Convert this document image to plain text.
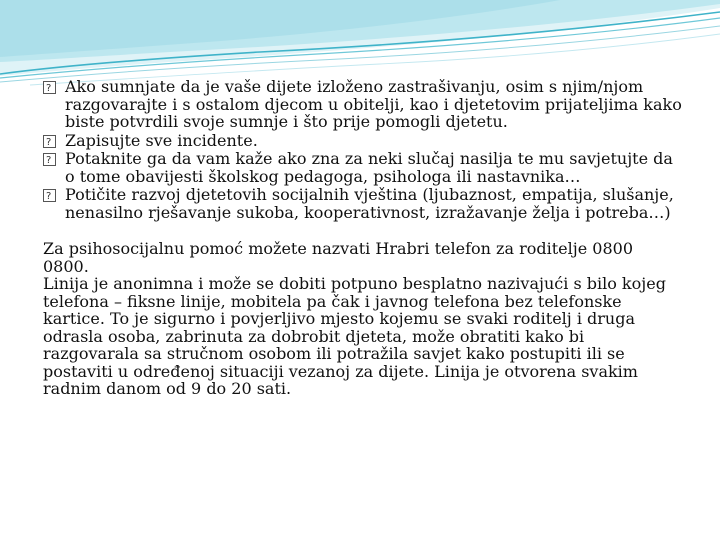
?
Ako sumnjate da je vaše dijete izloženo zastrašivanju, osim s njim/njom razgovarajte i s ostalom djecom u obitelji, kao i djetetovim prijateljima kako biste potvrdili svoje sumnje i što prije pomogli djetetu.
?
Zapisujte sve incidente.
?
Potaknite ga da vam kaže ako zna za neki slučaj nasilja te mu savjetujte da o tome obavijesti školskog pedagoga, psihologa ili nastavnika…
?
Potičite razvoj djetetovih socijalnih vještina (ljubaznost, empatija, slušanje, nenasilno rješavanje sukoba, kooperativnost, izražavanje želja i potreba…)

Za psihosocijalnu pomoć možete nazvati Hrabri telefon za roditelje 0800 0800.

Linija je anonimna i može se dobiti potpuno besplatno nazivajući s bilo kojeg telefona – fiksne linije, mobitela pa čak i javnog telefona bez telefonske kartice. To je sigurno i povjerljivo mjesto kojemu se svaki roditelj i druga odrasla osoba, zabrinuta za dobrobit djeteta, može obratiti kako bi razgovarala sa stručnom osobom ili potražila savjet kako postupiti ili se postaviti u određenoj situaciji vezanoj za dijete. Linija je otvorena svakim radnim danom od 9 do 20 sati.
